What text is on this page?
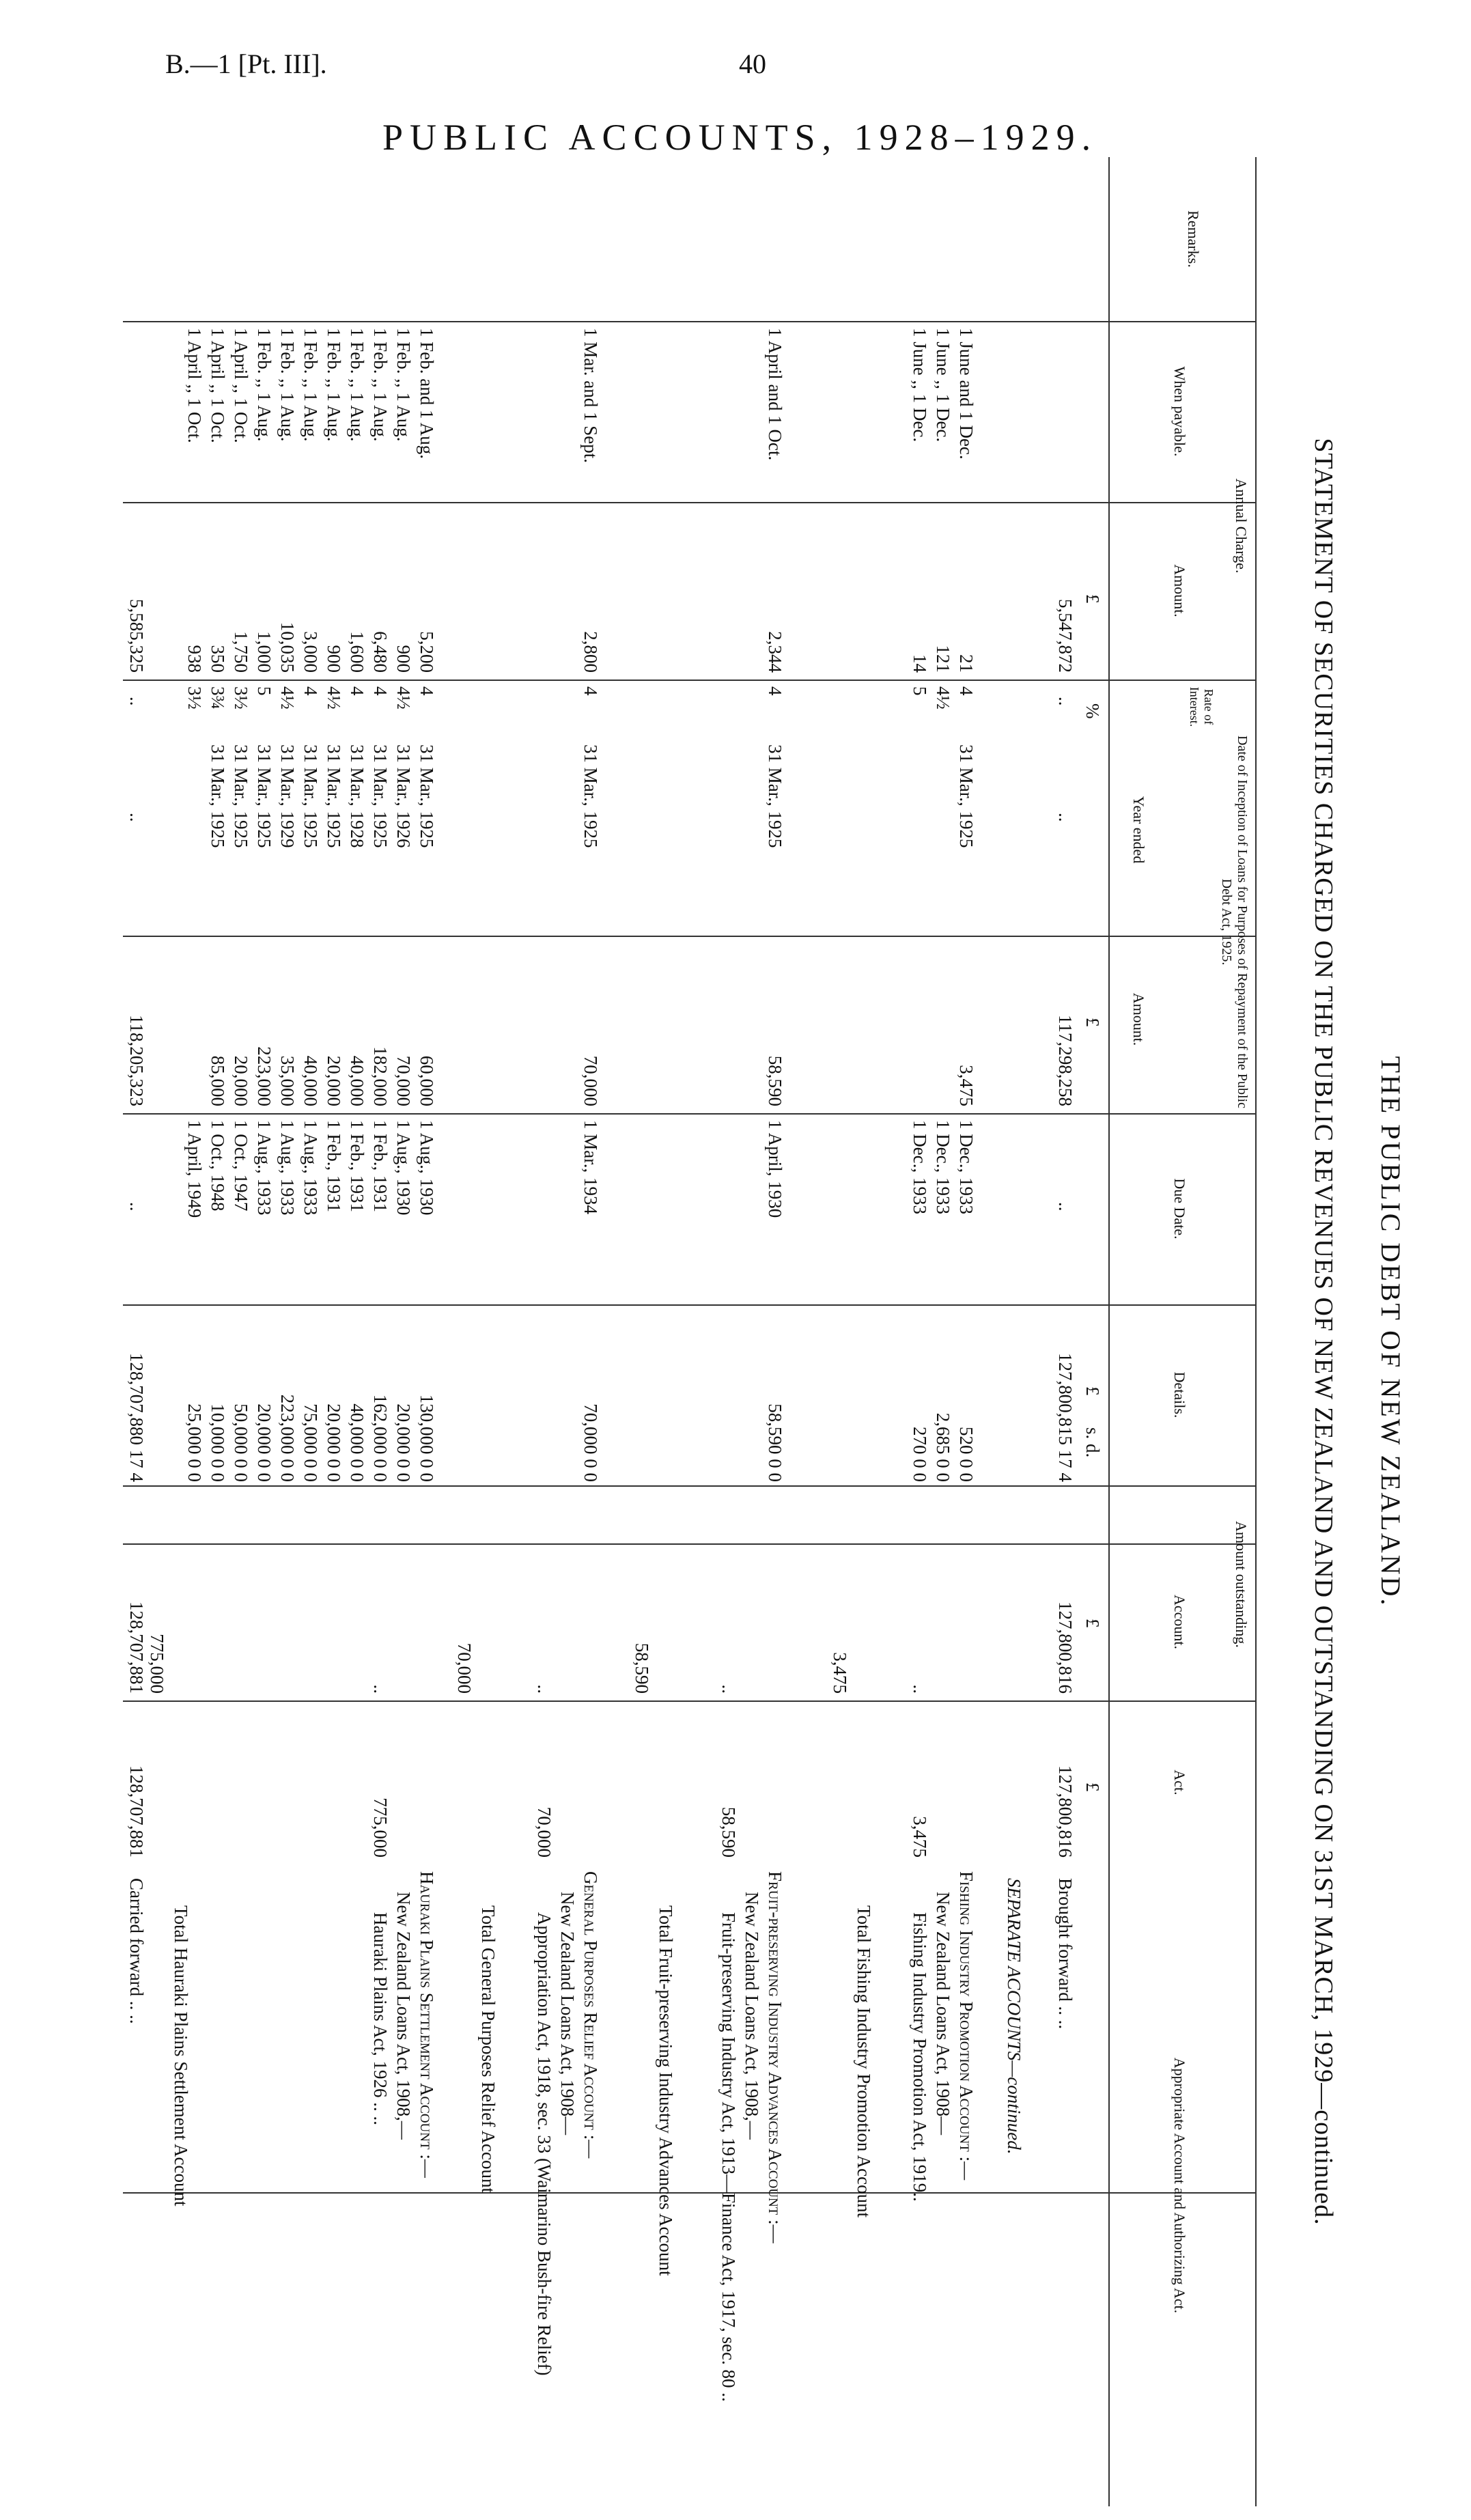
B.—1 [Pt. III].	40
PUBLIC ACCOUNTS, 1928–1929.
THE PUBLIC DEBT OF NEW ZEALAND.
STATEMENT OF SECURITIES CHARGED ON THE PUBLIC REVENUES OF NEW ZEALAND AND OUTSTANDING ON 31ST MARCH, 1929—continued.
Remarks.
Annual Charge.
When payable.
Amount.
Rate of Interest.
Date of Inception of Loans for Purposes of Repayment of the Public Debt Act, 1925.
Year ended
Amount.
Due Date.
Amount outstanding.
Details.
Account.
Act.
Appropriate Account and Authorizing Act.
£
£
£
s. d.
£
%
£
Brought forward .. ..
127,800,816
127,800,816
127,800,815 17 4
..
117,298,258
..
..
5,547,872
SEPARATE ACCOUNTS—continued.
Fishing Industry Promotion Account :—
New Zealand Loans Act, 1908—
Fishing Industry Promotion Act, 1919..
3,475
..
520 0 0
2,685 0 0
270 0 0
1 Dec., 1933
1 Dec., 1933
1 Dec., 1933
3,475
31 Mar., 1925
4
4½
5
21
121
14
1 June and 1 Dec.
1 June ,, 1 Dec.
1 June ,, 1 Dec.
Total Fishing Industry Promotion Account
3,475
Fruit-preserving Industry Advances Account :—
New Zealand Loans Act, 1908,—
Fruit-preserving Industry Act, 1913—Finance Act, 1917, sec. 80 ..
58,590
..
58,590 0 0
1 April, 1930
58,590
31 Mar., 1925
4
2,344
1 April and 1 Oct.
Total Fruit-preserving Industry Advances Account
58,590
General Purposes Relief Account :—
New Zealand Loans Act, 1908—
Appropriation Act, 1918, sec. 33 (Waimarino Bush-fire Relief)
70,000
..
70,000 0 0
1 Mar., 1934
70,000
31 Mar., 1925
4
2,800
1 Mar. and 1 Sept.
Total General Purposes Relief Account
70,000
Hauraki Plains Settlement Account :—
New Zealand Loans Act, 1908,—
Hauraki Plains Act, 1926 .. ..
775,000
..
130,000 0 0
20,000 0 0
162,000 0 0
40,000 0 0
20,000 0 0
75,000 0 0
223,000 0 0
20,000 0 0
50,000 0 0
10,000 0 0
25,000 0 0
1 Aug., 1930
1 Aug., 1930
1 Feb., 1931
1 Feb., 1931
1 Feb., 1931
1 Aug., 1933
1 Aug., 1933
1 Aug., 1933
1 Oct., 1947
1 Oct., 1948
1 April, 1949
60,000
70,000
182,000
40,000
20,000
40,000
35,000
223,000
20,000
85,000
31 Mar., 1925
31 Mar., 1926
31 Mar., 1925
31 Mar., 1928
31 Mar., 1925
31 Mar., 1925
31 Mar., 1929
31 Mar., 1925
31 Mar., 1925
31 Mar., 1925
4
4½
4
4
4½
4
4½
5
3½
3¾
3½
5,200
900
6,480
1,600
900
3,000
10,035
1,000
1,750
350
938
1 Feb. and 1 Aug.
1 Feb. ,, 1 Aug.
1 Feb. ,, 1 Aug.
1 Feb. ,, 1 Aug.
1 Feb. ,, 1 Aug.
1 Feb. ,, 1 Aug.
1 Feb. ,, 1 Aug.
1 Feb. ,, 1 Aug.
1 April ,, 1 Oct.
1 April ,, 1 Oct.
1 April ,, 1 Oct.
Total Hauraki Plains Settlement Account
775,000
Carried forward .. ..
128,707,881
128,707,881
128,707,880 17 4
..
118,205,323
..
..
5,585,325
